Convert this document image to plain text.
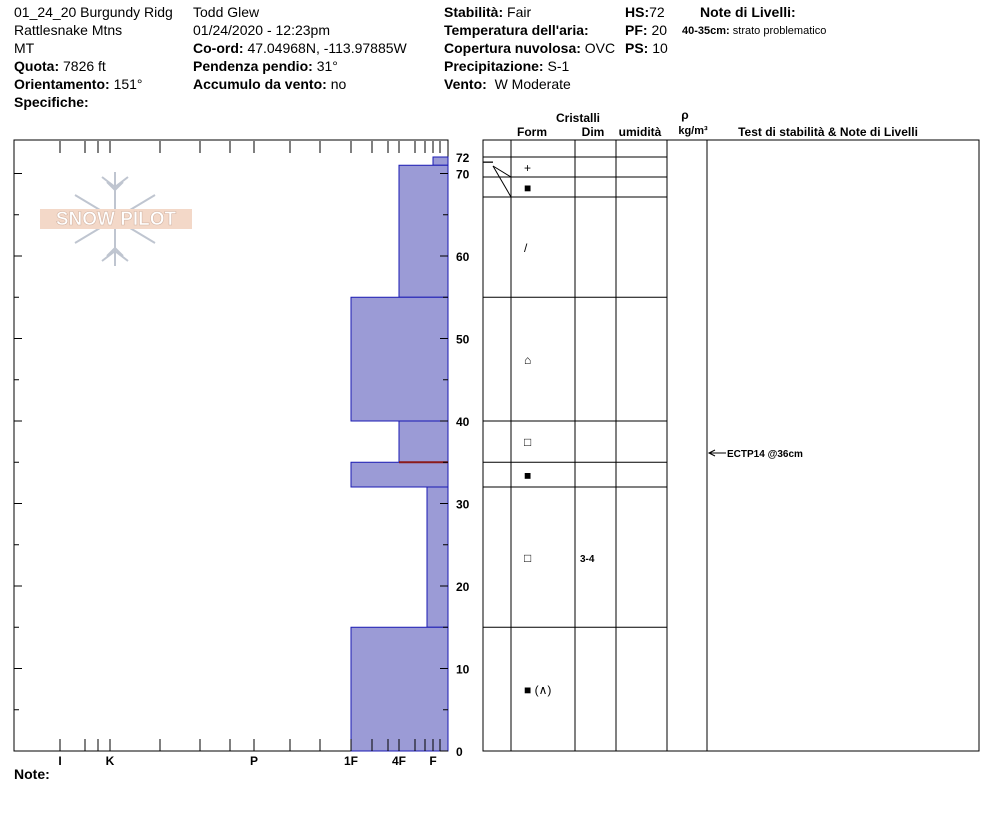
01_24_20 Burgundy Ridg
Rattlesnake Mtns
MT
Quota: 7826 ft
Orientamento: 151°
Specifiche:
Todd Glew
01/24/2020 - 12:23pm
Co-ord: 47.04968N, -113.97885W
Pendenza pendio: 31°
Accumulo da vento: no
Stabilità: Fair
Temperatura dell'aria:
Copertura nuvolosa: OVC
Precipitazione: S-1
Vento: W Moderate
HS:72
PF: 20
PS: 10
Note di Livelli:
40-35cm: strato problematico
Note:
SNOW PILOT
0
10
20
30
40
50
60
70
72
I	K	P	1F	4F F
+
■
/
⌂
□
■
□	3-4
■ (∧)
ECTP14 @36cm
Cristalli
Form	Dim umidità
ρ
kg/m³	Test di stabilità & Note di Livelli
